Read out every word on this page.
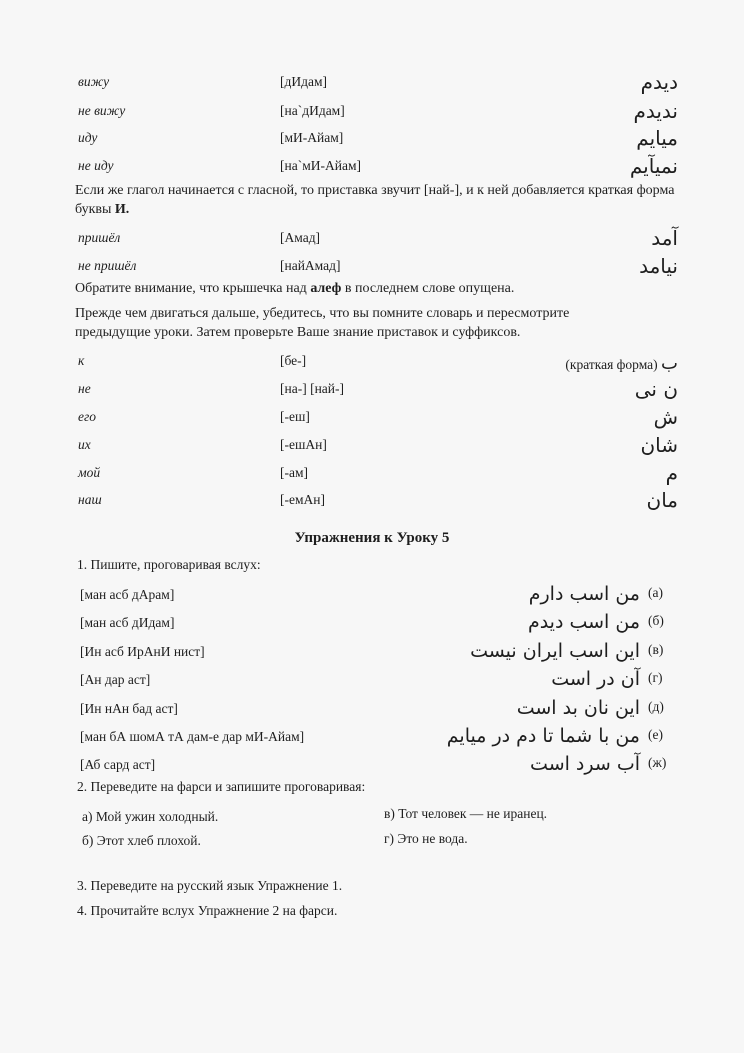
вижу	[дИдам]	دیدم
не вижу	[на`дИдам]	ندیدم
иду	[мИ-Айам]	میایم
не иду	[на`мИ-Айам]	نمیآیم
Если же глагол начинается с гласной, то приставка звучит [най-], и к ней добавляется краткая форма буквы И.
пришёл	[Амад]	آمد
не пришёл	[найАмад]	نیامد
Обратите внимание, что крышечка над алеф в последнем слове опущена.
Прежде чем двигаться дальше, убедитесь, что вы помните словарь и пересмотрите предыдущие уроки. Затем проверьте Ваше знание приставок и суффиксов.
к	[бе-]	(краткая форма) ب
не	[на-] [най-]	ن نی
его	[-еш]	ش
их	[-ешАн]	شان
мой	[-ам]	م
наш	[-емАн]	مان
Упражнения к Уроку 5
1. Пишите, проговаривая вслух:
[ман асб дАрам]	من اسب دارم (а)
[ман асб дИдам]	من اسب دیدم (б)
[Ин асб ИрАнИ нист]	این اسب ایران نیست (в)
[Ан дар аст]	آن در است (г)
[Ин нАн бад аст]	این نان بد است (д)
[ман бА шомА тА дам-е дар мИ-Айам]	من با شما تا دم در میایم (е)
[Аб сард аст]	آب سرد است (ж)
2. Переведите на фарси и запишите проговаривая:
а) Мой ужин холодный.	в) Тот человек — не иранец.
б) Этот хлеб плохой.	г) Это не вода.
3. Переведите на русский язык Упражнение 1.
4. Прочитайте вслух Упражнение 2 на фарси.
